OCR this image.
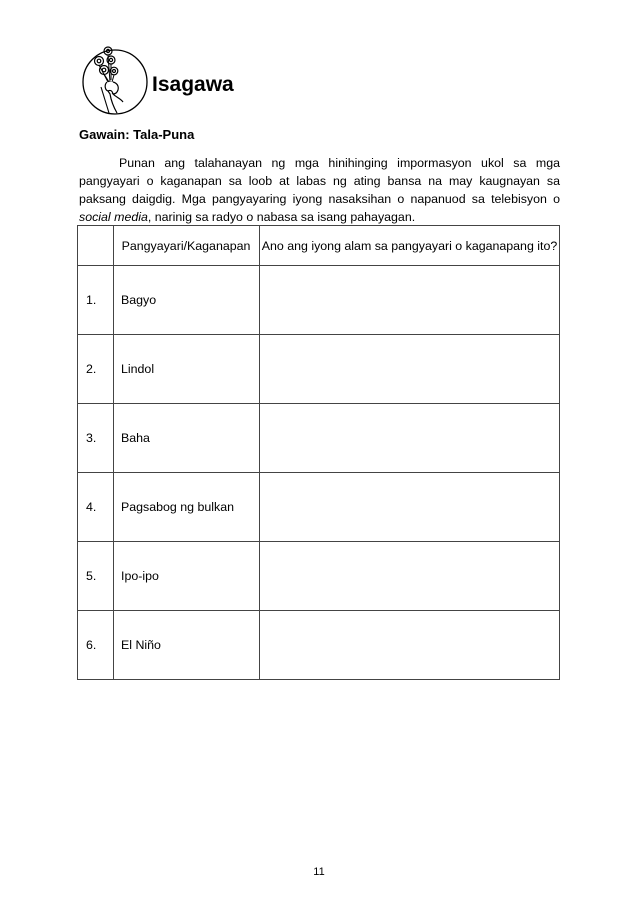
Isagawa
Gawain: Tala-Puna
Punan ang talahanayan ng mga hinihinging impormasyon ukol sa mga pangyayari o kaganapan sa loob at labas ng ating bansa na may kaugnayan sa paksang daigdig. Mga pangyayaring iyong nasaksihan o napanuod sa telebisyon o social media, narinig sa radyo o nabasa sa isang pahayagan.
	Pangyayari/Kaganapan	Ano ang iyong alam sa pangyayari o kaganapang ito?
1.	Bagyo	
2.	Lindol	
3.	Baha	
4.	Pagsabog ng bulkan	
5.	Ipo-ipo	
6.	El Niño	
11
